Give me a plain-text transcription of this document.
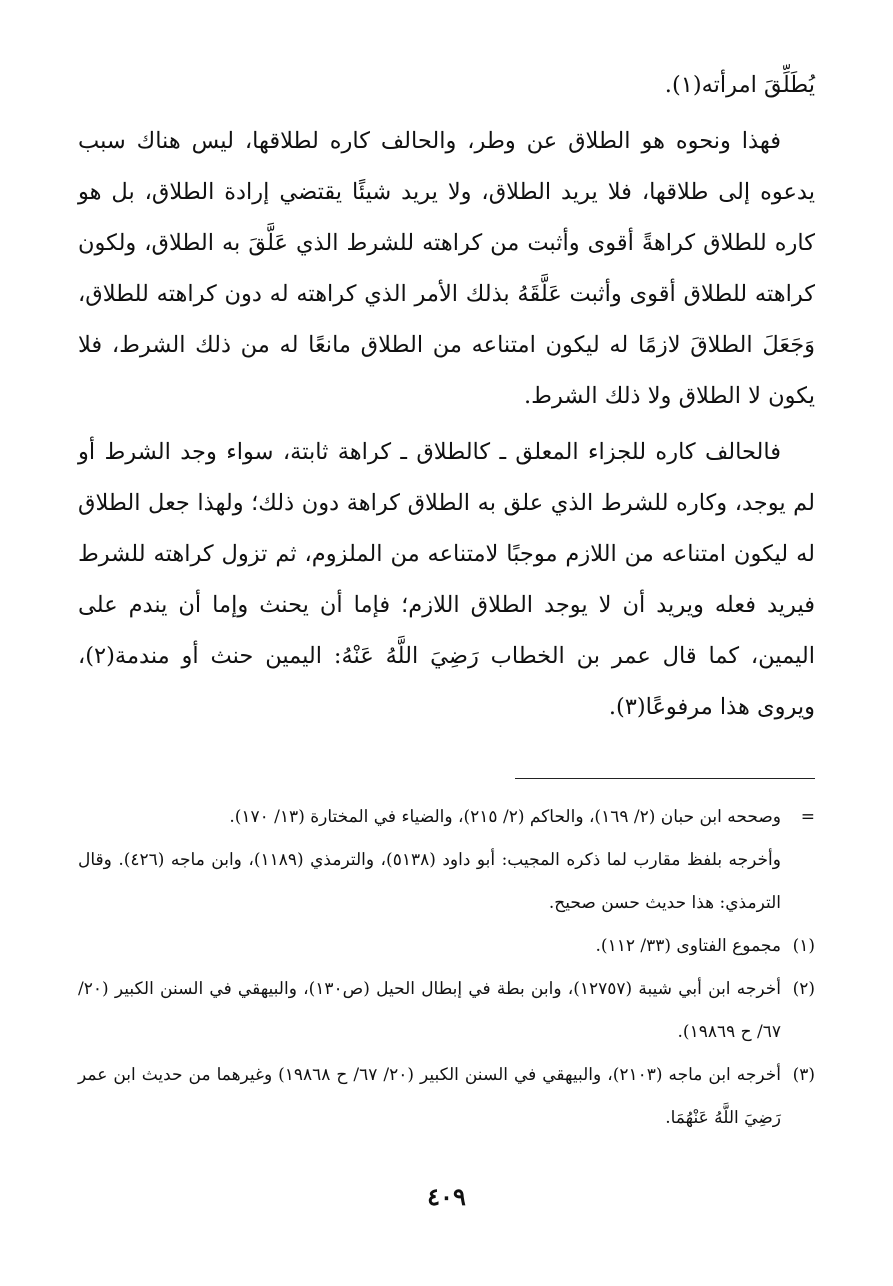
يُطَلِّقَ امرأته(١).

فهذا ونحوه هو الطلاق عن وطر، والحالف كاره لطلاقها، ليس هناك سبب يدعوه إلى طلاقها، فلا يريد الطلاق، ولا يريد شيئًا يقتضي إرادة الطلاق، بل هو كاره للطلاق كراهةً أقوى وأثبت من كراهته للشرط الذي عَلَّقَ به الطلاق، ولكون كراهته للطلاق أقوى وأثبت عَلَّقَهُ بذلك الأمر الذي كراهته له دون كراهته للطلاق، وَجَعَلَ الطلاقَ لازمًا له ليكون امتناعه من الطلاق مانعًا له من ذلك الشرط، فلا يكون لا الطلاق ولا ذلك الشرط.

فالحالف كاره للجزاء المعلق ـ كالطلاق ـ كراهة ثابتة، سواء وجد الشرط أو لم يوجد، وكاره للشرط الذي علق به الطلاق كراهة دون ذلك؛ ولهذا جعل الطلاق له ليكون امتناعه من اللازم موجبًا لامتناعه من الملزوم، ثم تزول كراهته للشرط فيريد فعله ويريد أن لا يوجد الطلاق اللازم؛ فإما أن يحنث وإما أن يندم على اليمين، كما قال عمر بن الخطاب رَضِيَ اللَّهُ عَنْهُ: اليمين حنث أو مندمة(٢)، ويروى هذا مرفوعًا(٣).

=
وصححه ابن حبان (٢/ ١٦٩)، والحاكم (٢/ ٢١٥)، والضياء في المختارة (١٣/ ١٧٠).
وأخرجه بلفظ مقارب لما ذكره المجيب: أبو داود (٥١٣٨)، والترمذي (١١٨٩)، وابن ماجه (٤٢٦). وقال الترمذي: هذا حديث حسن صحيح.
(١)
مجموع الفتاوى (٣٣/ ١١٢).
(٢)
أخرجه ابن أبي شيبة (١٢٧٥٧)، وابن بطة في إبطال الحيل (ص١٣٠)، والبيهقي في السنن الكبير (٢٠/ ٦٧/ ح ١٩٨٦٩).
(٣)
أخرجه ابن ماجه (٢١٠٣)، والبيهقي في السنن الكبير (٢٠/ ٦٧/ ح ١٩٨٦٨) وغيرهما من حديث ابن عمر رَضِيَ اللَّهُ عَنْهُمَا.
٤٠٩
